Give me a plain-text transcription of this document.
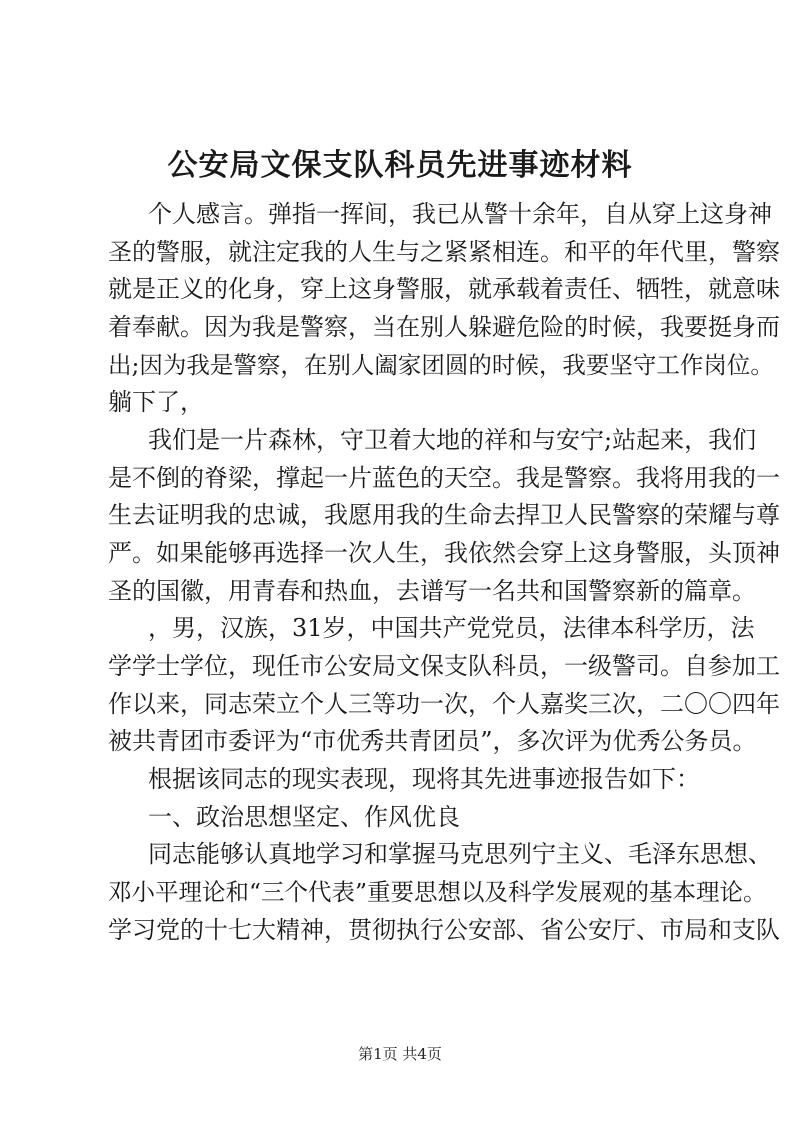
公安局文保支队科员先进事迹材料
个人感言。弹指一挥间，我已从警十余年，自从穿上这身神
圣的警服，就注定我的人生与之紧紧相连。和平的年代里，警察
就是正义的化身，穿上这身警服，就承载着责任、牺牲，就意味
着奉献。因为我是警察，当在别人躲避危险的时候，我要挺身而
出;因为我是警察，在别人阖家团圆的时候，我要坚守工作岗位。
躺下了，
我们是一片森林，守卫着大地的祥和与安宁;站起来，我们
是不倒的脊梁，撑起一片蓝色的天空。我是警察。我将用我的一
生去证明我的忠诚，我愿用我的生命去捍卫人民警察的荣耀与尊
严。如果能够再选择一次人生，我依然会穿上这身警服，头顶神
圣的国徽，用青春和热血，去谱写一名共和国警察新的篇章。
，男，汉族，31岁，中国共产党党员，法律本科学历，法
学学士学位，现任市公安局文保支队科员，一级警司。自参加工
作以来，同志荣立个人三等功一次，个人嘉奖三次，二〇〇四年
被共青团市委评为“市优秀共青团员”，多次评为优秀公务员。
根据该同志的现实表现，现将其先进事迹报告如下：
一、政治思想坚定、作风优良
同志能够认真地学习和掌握马克思列宁主义、毛泽东思想、
邓小平理论和“三个代表”重要思想以及科学发展观的基本理论。
学习党的十七大精神，贯彻执行公安部、省公安厅、市局和支队
第1页 共4页
